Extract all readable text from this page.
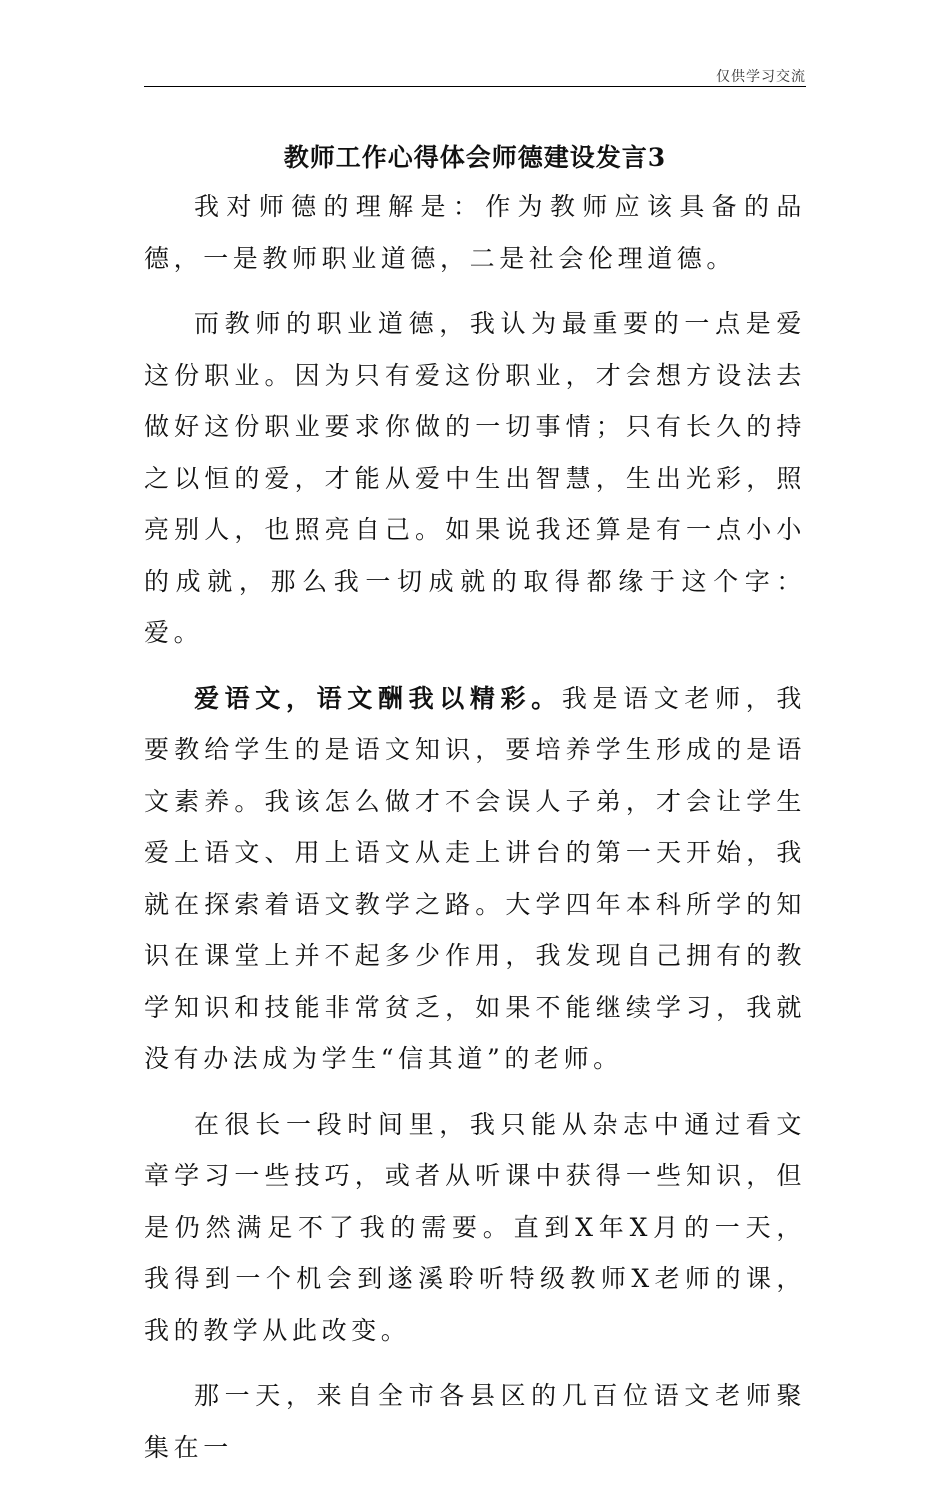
仅供学习交流
教师工作心得体会师德建设发言3

我对师德的理解是：作为教师应该具备的品德，一是教师职业道德，二是社会伦理道德。

而教师的职业道德，我认为最重要的一点是爱这份职业。因为只有爱这份职业，才会想方设法去做好这份职业要求你做的一切事情；只有长久的持之以恒的爱，才能从爱中生出智慧，生出光彩，照亮别人，也照亮自己。如果说我还算是有一点小小的成就，那么我一切成就的取得都缘于这个字：爱。

爱语文，语文酬我以精彩。我是语文老师，我要教给学生的是语文知识，要培养学生形成的是语文素养。我该怎么做才不会误人子弟，才会让学生爱上语文、用上语文从走上讲台的第一天开始，我就在探索着语文教学之路。大学四年本科所学的知识在课堂上并不起多少作用，我发现自己拥有的教学知识和技能非常贫乏，如果不能继续学习，我就没有办法成为学生“信其道”的老师。

在很长一段时间里，我只能从杂志中通过看文章学习一些技巧，或者从听课中获得一些知识，但是仍然满足不了我的需要。直到X年X月的一天，我得到一个机会到遂溪聆听特级教师X老师的课，我的教学从此改变。

那一天，来自全市各县区的几百位语文老师聚集在一
